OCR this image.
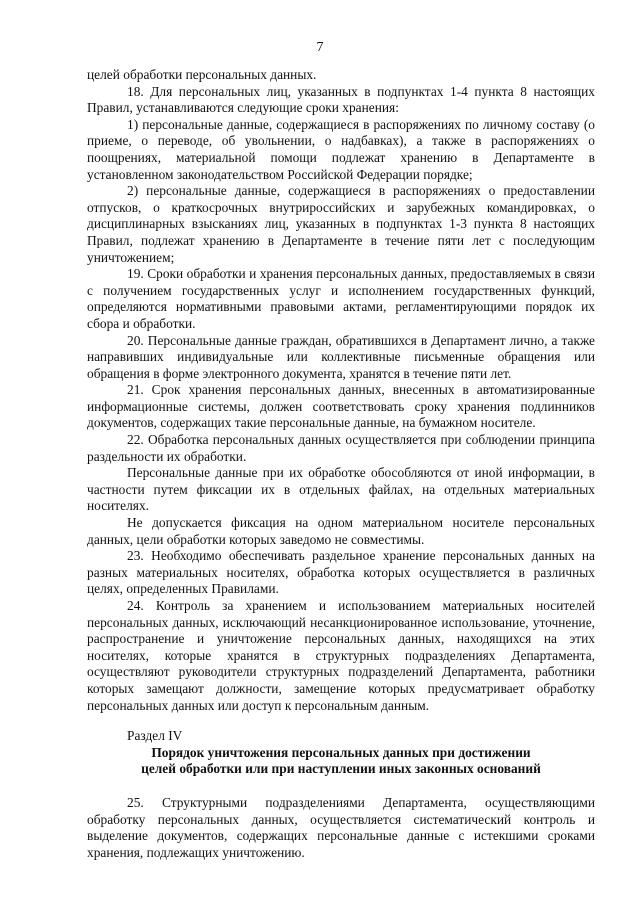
7

целей обработки персональных данных.

18. Для персональных лиц, указанных в подпунктах 1-4 пункта 8 настоящих Правил, устанавливаются следующие сроки хранения:

1) персональные данные, содержащиеся в распоряжениях по личному составу (о приеме, о переводе, об увольнении, о надбавках), а также в распоряжениях о поощрениях, материальной помощи подлежат хранению в Департаменте в установленном законодательством Российской Федерации порядке;

2) персональные данные, содержащиеся в распоряжениях о предоставлении отпусков, о краткосрочных внутрироссийских и зарубежных командировках, о дисциплинарных взысканиях лиц, указанных в подпунктах 1-3 пункта 8 настоящих Правил, подлежат хранению в Департаменте в течение пяти лет с последующим уничтожением;

19. Сроки обработки и хранения персональных данных, предоставляемых в связи с получением государственных услуг и исполнением государственных функций, определяются нормативными правовыми актами, регламентирующими порядок их сбора и обработки.

20. Персональные данные граждан, обратившихся в Департамент лично, а также направивших индивидуальные или коллективные письменные обращения или обращения в форме электронного документа, хранятся в течение пяти лет.

21. Срок хранения персональных данных, внесенных в автоматизированные информационные системы, должен соответствовать сроку хранения подлинников документов, содержащих такие персональные данные, на бумажном носителе.

22. Обработка персональных данных осуществляется при соблюдении принципа раздельности их обработки.

Персональные данные при их обработке обособляются от иной информации, в частности путем фиксации их в отдельных файлах, на отдельных материальных носителях.

Не допускается фиксация на одном материальном носителе персональных данных, цели обработки которых заведомо не совместимы.

23. Необходимо обеспечивать раздельное хранение персональных данных на разных материальных носителях, обработка которых осуществляется в различных целях, определенных Правилами.

24. Контроль за хранением и использованием материальных носителей персональных данных, исключающий несанкционированное использование, уточнение, распространение и уничтожение персональных данных, находящихся на этих носителях, которые хранятся в структурных подразделениях Департамента, осуществляют руководители структурных подразделений Департамента, работники которых замещают должности, замещение которых предусматривает обработку персональных данных или доступ к персональным данным.

Раздел IV

Порядок уничтожения персональных данных при достижении
целей обработки или при наступлении иных законных оснований

25. Структурными подразделениями Департамента, осуществляющими обработку персональных данных, осуществляется систематический контроль и выделение документов, содержащих персональные данные с истекшими сроками хранения, подлежащих уничтожению.
